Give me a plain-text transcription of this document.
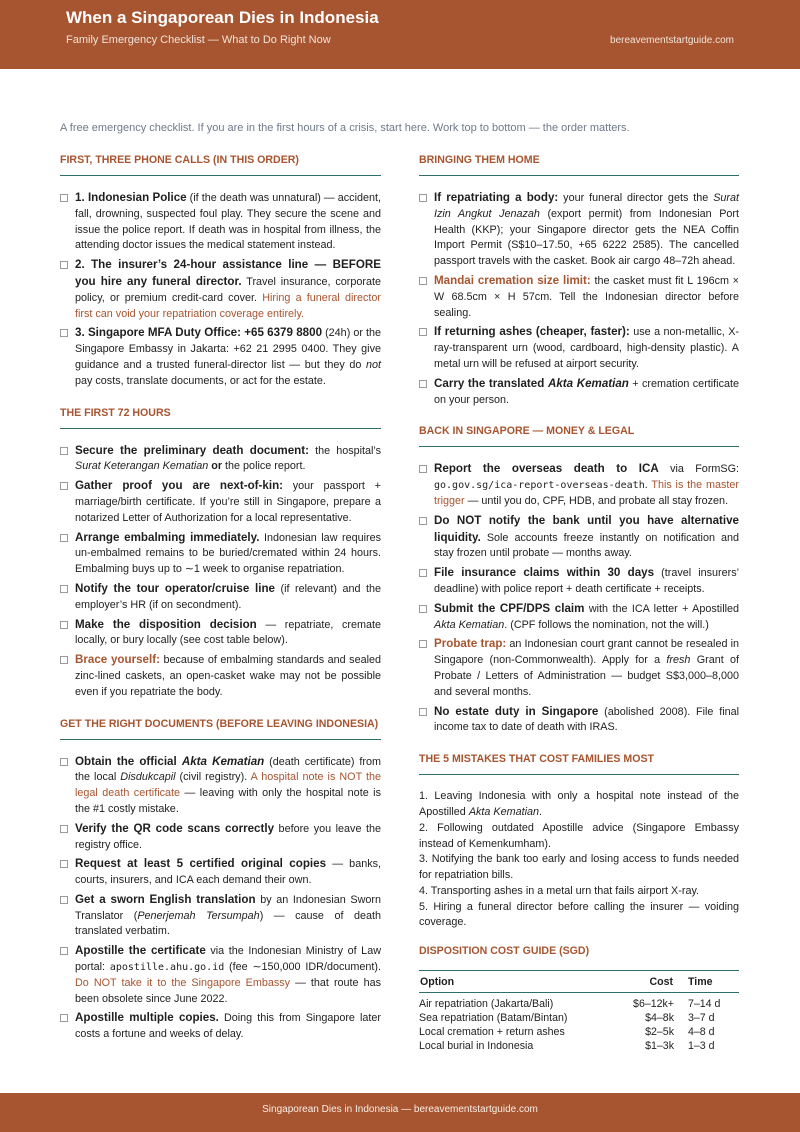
When a Singaporean Dies in Indonesia
Family Emergency Checklist — What to Do Right Now	bereavementstartguide.com
A free emergency checklist. If you are in the first hours of a crisis, start here. Work top to bottom — the order matters.
FIRST, THREE PHONE CALLS (IN THIS ORDER)
1. Indonesian Police (if the death was unnatural) — accident, fall, drowning, suspected foul play. They secure the scene and issue the police report. If death was in hospital from illness, the attending doctor issues the medical statement instead.
2. The insurer’s 24-hour assistance line — BEFORE you hire any funeral director. Travel insurance, corporate policy, or premium credit-card cover. Hiring a funeral director first can void your repatriation coverage entirely.
3. Singapore MFA Duty Office: +65 6379 8800 (24h) or the Singapore Embassy in Jakarta: +62 21 2995 0400. They give guidance and a trusted funeral-director list — but they do not pay costs, translate documents, or act for the estate.
THE FIRST 72 HOURS
Secure the preliminary death document: the hospital’s Surat Keterangan Kematian or the police report.
Gather proof you are next-of-kin: your passport + marriage/birth certificate. If you’re still in Singapore, prepare a notarized Letter of Authorization for a local representative.
Arrange embalming immediately. Indonesian law requires un-embalmed remains to be buried/cremated within 24 hours. Embalming buys up to ∼1 week to organise repatriation.
Notify the tour operator/cruise line (if relevant) and the employer’s HR (if on secondment).
Make the disposition decision — repatriate, cremate locally, or bury locally (see cost table below).
Brace yourself: because of embalming standards and sealed zinc-lined caskets, an open-casket wake may not be possible even if you repatriate the body.
GET THE RIGHT DOCUMENTS (BEFORE LEAVING INDONESIA)
Obtain the official Akta Kematian (death certificate) from the local Disdukcapil (civil registry). A hospital note is NOT the legal death certificate — leaving with only the hospital note is the #1 costly mistake.
Verify the QR code scans correctly before you leave the registry office.
Request at least 5 certified original copies — banks, courts, insurers, and ICA each demand their own.
Get a sworn English translation by an Indonesian Sworn Translator (Penerjemah Tersumpah) — cause of death translated verbatim.
Apostille the certificate via the Indonesian Ministry of Law portal: apostille.ahu.go.id (fee ∼150,000 IDR/document). Do NOT take it to the Singapore Embassy — that route has been obsolete since June 2022.
Apostille multiple copies. Doing this from Singapore later costs a fortune and weeks of delay.
BRINGING THEM HOME
If repatriating a body: your funeral director gets the Surat Izin Angkut Jenazah (export permit) from Indonesian Port Health (KKP); your Singapore director gets the NEA Coffin Import Permit (S$10–17.50, +65 6222 2585). The cancelled passport travels with the casket. Book air cargo 48–72h ahead.
Mandai cremation size limit: the casket must fit L 196cm × W 68.5cm × H 57cm. Tell the Indonesian director before sealing.
If returning ashes (cheaper, faster): use a non-metallic, X-ray-transparent urn (wood, cardboard, high-density plastic). A metal urn will be refused at airport security.
Carry the translated Akta Kematian + cremation certificate on your person.
BACK IN SINGAPORE — MONEY & LEGAL
Report the overseas death to ICA via FormSG: go.gov.sg/ica-report-overseas-death. This is the master trigger — until you do, CPF, HDB, and probate all stay frozen.
Do NOT notify the bank until you have alternative liquidity. Sole accounts freeze instantly on notification and stay frozen until probate — months away.
File insurance claims within 30 days (travel insurers’ deadline) with police report + death certificate + receipts.
Submit the CPF/DPS claim with the ICA letter + Apostilled Akta Kematian. (CPF follows the nomination, not the will.)
Probate trap: an Indonesian court grant cannot be resealed in Singapore (non-Commonwealth). Apply for a fresh Grant of Probate / Letters of Administration — budget S$3,000–8,000 and several months.
No estate duty in Singapore (abolished 2008). File final income tax to date of death with IRAS.
THE 5 MISTAKES THAT COST FAMILIES MOST
1. Leaving Indonesia with only a hospital note instead of the Apostilled Akta Kematian.
2. Following outdated Apostille advice (Singapore Embassy instead of Kemenkumham).
3. Notifying the bank too early and losing access to funds needed for repatriation bills.
4. Transporting ashes in a metal urn that fails airport X-ray.
5. Hiring a funeral director before calling the insurer — voiding coverage.
DISPOSITION COST GUIDE (SGD)
Option	Cost	Time
Air repatriation (Jakarta/Bali)	$6–12k+	7–14 d
Sea repatriation (Batam/Bintan)	$4–8k	3–7 d
Local cremation + return ashes	$2–5k	4–8 d
Local burial in Indonesia	$1–3k	1–3 d
Singaporean Dies in Indonesia — bereavementstartguide.com
